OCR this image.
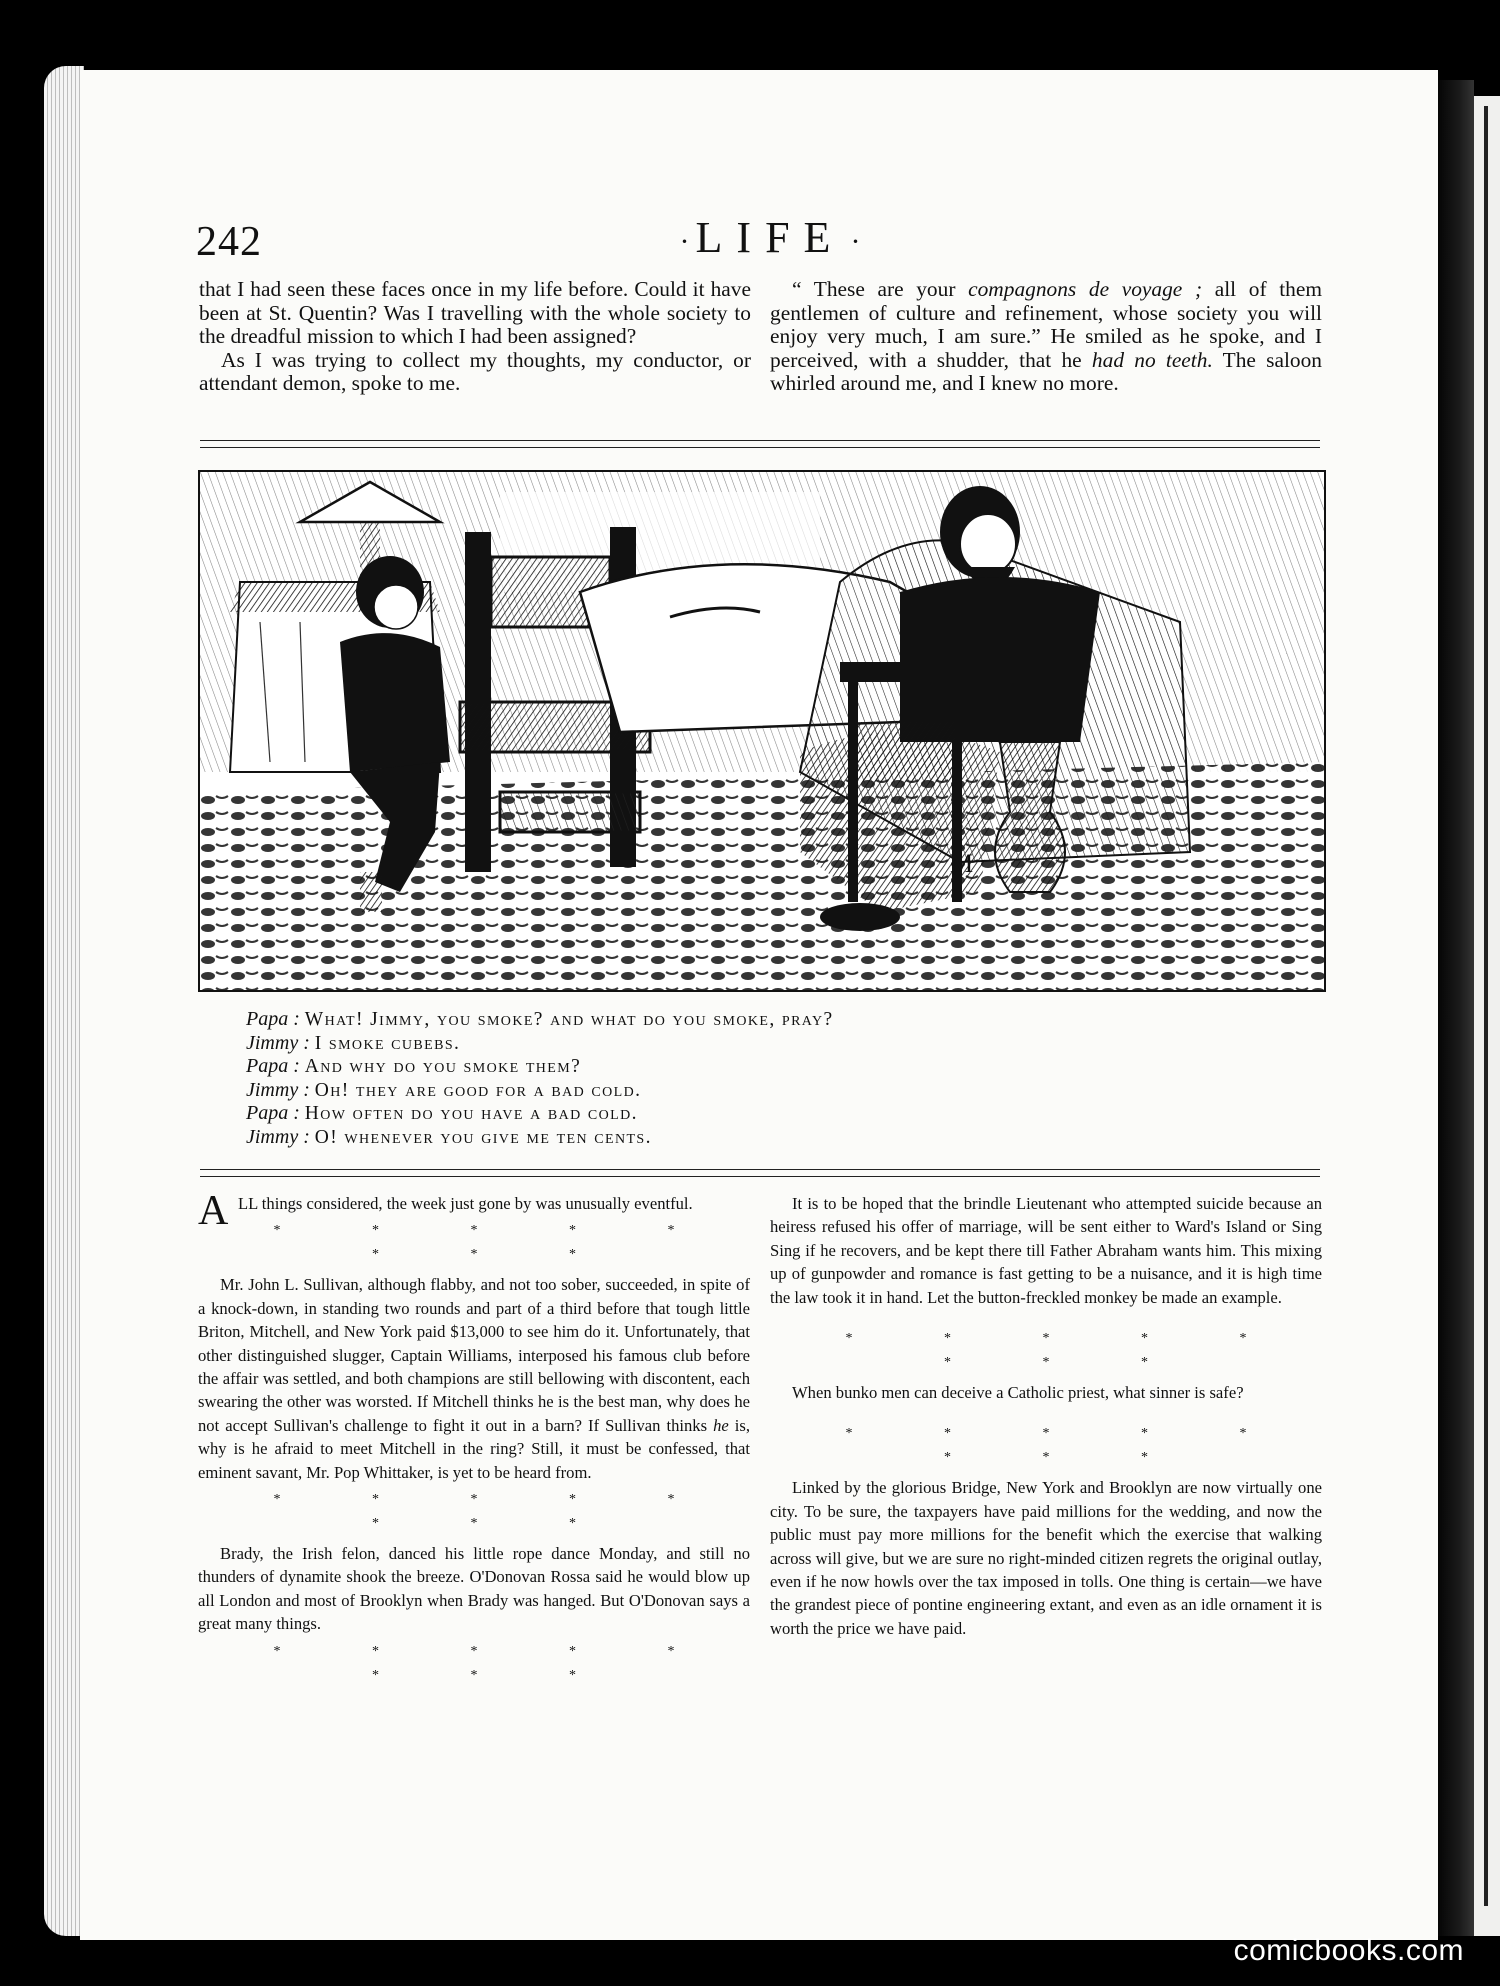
242	· LIFE ·

that I had seen these faces once in my life before. Could it have been at St. Quentin? Was I travelling with the whole society to the dreadful mission to which I had been assigned?

As I was trying to collect my thoughts, my conductor, or attendant demon, spoke to me.

“ These are your compagnons de voyage ; all of them gentlemen of culture and refinement, whose society you will enjoy very much, I am sure.” He smiled as he spoke, and I perceived, with a shudder, that he had no teeth. The saloon whirled around me, and I knew no more.

M
Papa : What! Jimmy, you smoke? and what do you smoke, pray?
Jimmy : I smoke cubebs.
Papa : And why do you smoke them?
Jimmy : Oh! they are good for a bad cold.
Papa : How often do you have a bad cold.
Jimmy : O! whenever you give me ten cents.

A LL things considered, the week just gone by was unusually eventful.

* * * * * * * *

Mr. John L. Sullivan, although flabby, and not too sober, succeeded, in spite of a knock-down, in standing two rounds and part of a third before that tough little Briton, Mitchell, and New York paid $13,000 to see him do it. Unfortunately, that other distinguished slugger, Captain Williams, interposed his famous club before the affair was settled, and both champions are still bellowing with discontent, each swearing the other was worsted. If Mitchell thinks he is the best man, why does he not accept Sullivan's challenge to fight it out in a barn? If Sullivan thinks he is, why is he afraid to meet Mitchell in the ring? Still, it must be confessed, that eminent savant, Mr. Pop Whittaker, is yet to be heard from.

* * * * * * * *

Brady, the Irish felon, danced his little rope dance Monday, and still no thunders of dynamite shook the breeze. O'Donovan Rossa said he would blow up all London and most of Brooklyn when Brady was hanged. But O'Donovan says a great many things.

* * * * * * * *

It is to be hoped that the brindle Lieutenant who attempted suicide because an heiress refused his offer of marriage, will be sent either to Ward's Island or Sing Sing if he recovers, and be kept there till Father Abraham wants him. This mixing up of gunpowder and romance is fast getting to be a nuisance, and it is high time the law took it in hand. Let the button-freckled monkey be made an example.

* * * * * * * *

When bunko men can deceive a Catholic priest, what sinner is safe?

* * * * * * * *

Linked by the glorious Bridge, New York and Brooklyn are now virtually one city. To be sure, the taxpayers have paid millions for the wedding, and now the public must pay more millions for the benefit which the exercise that walking across will give, but we are sure no right-minded citizen regrets the original outlay, even if he now howls over the tax imposed in tolls. One thing is certain—we have the grandest piece of pontine engineering extant, and even as an idle ornament it is worth the price we have paid.

comicbooks.com
